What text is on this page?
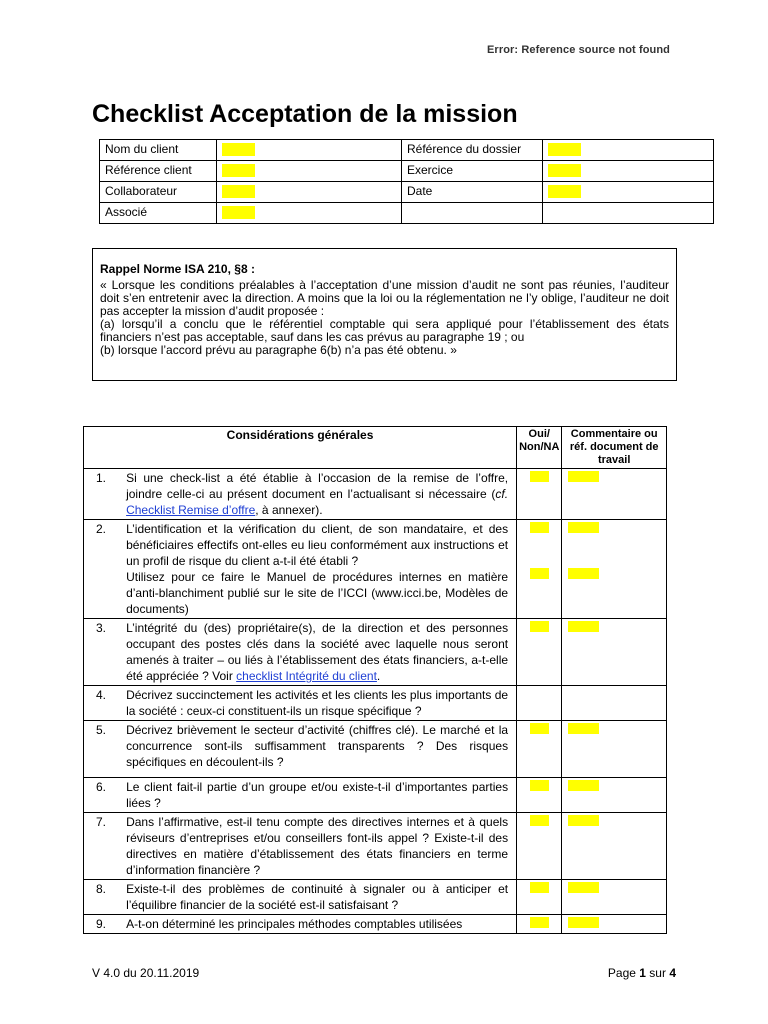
Error: Reference source not found
Checklist Acceptation de la mission
Nom du client		Référence du dossier	
Référence client		Exercice	
Collaborateur		Date	
Associé			
Rappel Norme ISA 210, §8 :

« Lorsque les conditions préalables à l’acceptation d’une mission d’audit ne sont pas réunies, l’auditeur doit s’en entretenir avec la direction. A moins que la loi ou la réglementation ne l’y oblige, l’auditeur ne doit pas accepter la mission d’audit proposée :

(a) lorsqu’il a conclu que le référentiel comptable qui sera appliqué pour l’établissement des états financiers n’est pas acceptable, sauf dans les cas prévus au paragraphe 19 ; ou

(b) lorsque l’accord prévu au paragraphe 6(b) n’a pas été obtenu. »

Considérations générales		Oui/ Non/NA	Commentaire ou réf. document de travail
1.	Si une check-list a été établie à l’occasion de la remise de l’offre, joindre celle-ci au présent document en l’actualisant si nécessaire (cf. Checklist Remise d’offre, à annexer).	

2.	L’identification et la vérification du client, de son mandataire, et des bénéficiaires effectifs ont-elles eu lieu conformément aux instructions et un profil de risque du client a-t-il été établi ?
Utilisez pour ce faire le Manuel de procédures internes en matière d’anti-blanchiment publié sur le site de l’ICCI (www.icci.be, Modèles de documents)		

3.	L’intégrité du (des) propriétaire(s), de la direction et des personnes occupant des postes clés dans la société avec laquelle nous seront amenés à traiter – ou liés à l’établissement des états financiers, a-t-elle été appréciée ? Voir checklist Intégrité du client.	

4.	Décrivez succinctement les activités et les clients les plus importants de la société : ceux-ci constituent-ils un risque spécifique ?		
5.	Décrivez brièvement le secteur d’activité (chiffres clé). Le marché et la concurrence sont-ils suffisamment transparents ? Des risques spécifiques en découlent-ils ?	

6.	Le client fait-il partie d’un groupe et/ou existe-t-il d’importantes parties liées ?	

7.	Dans l’affirmative, est-il tenu compte des directives internes et à quels réviseurs d’entreprises et/ou conseillers font-ils appel ? Existe-t-il des directives en matière d’établissement des états financiers en terme d’information financière ?	

8.	Existe-t-il des problèmes de continuité à signaler ou à anticiper et l’équilibre financier de la société est-il satisfaisant ?	

9.	A-t-on déterminé les principales méthodes comptables utilisées	

V 4.0 du 20.11.2019	Page 1 sur 4
